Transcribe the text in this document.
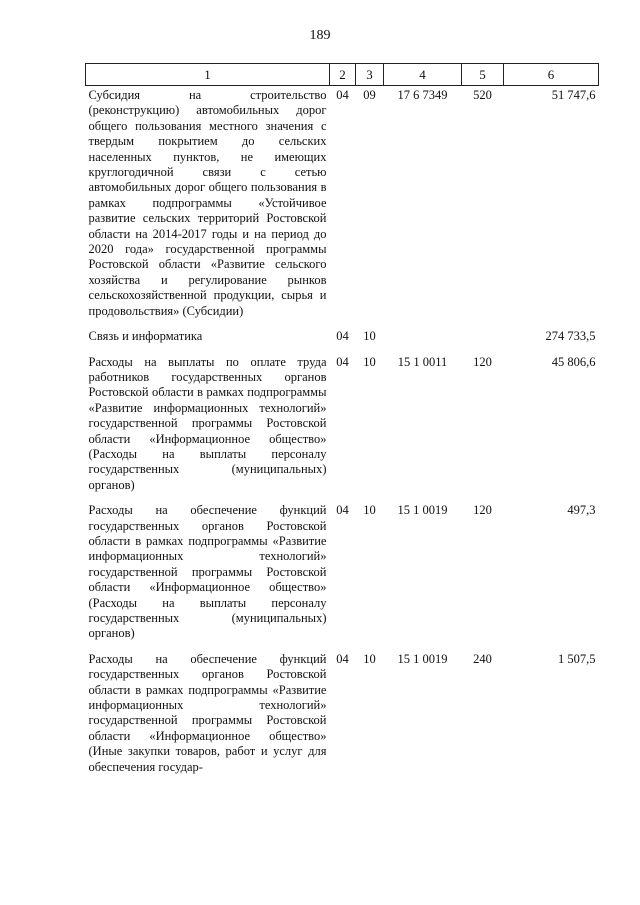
189
1	2	3	4	5	6
Субсидия на строительство (реконструкцию) автомобильных дорог общего пользования местного значения с твердым покрытием до сельских населенных пунктов, не имеющих круглогодичной связи с сетью автомобильных дорог общего пользования в рамках подпрограммы «Устойчивое развитие сельских территорий Ростовской области на 2014-2017 годы и на период до 2020 года» государственной программы Ростовской области «Развитие сельского хозяйства и регулирование рынков сельскохозяйственной продукции, сырья и продовольствия» (Субсидии)	04	09	17 6 7349	520	51 747,6
Связь и информатика	04	10			274 733,5
Расходы на выплаты по оплате труда работников государственных органов Ростовской области в рамках подпрограммы «Развитие информационных технологий» государственной программы Ростовской области «Информационное общество» (Расходы на выплаты персоналу государственных (муниципальных) органов)	04	10	15 1 0011	120	45 806,6
Расходы на обеспечение функций государственных органов Ростовской области в рамках подпрограммы «Развитие информационных технологий» государственной программы Ростовской области «Информационное общество» (Расходы на выплаты персоналу государственных (муниципальных) органов)	04	10	15 1 0019	120	497,3
Расходы на обеспечение функций государственных органов Ростовской области в рамках подпрограммы «Развитие информационных технологий» государственной программы Ростовской области «Информационное общество» (Иные закупки товаров, работ и услуг для обеспечения государ-	04	10	15 1 0019	240	1 507,5
